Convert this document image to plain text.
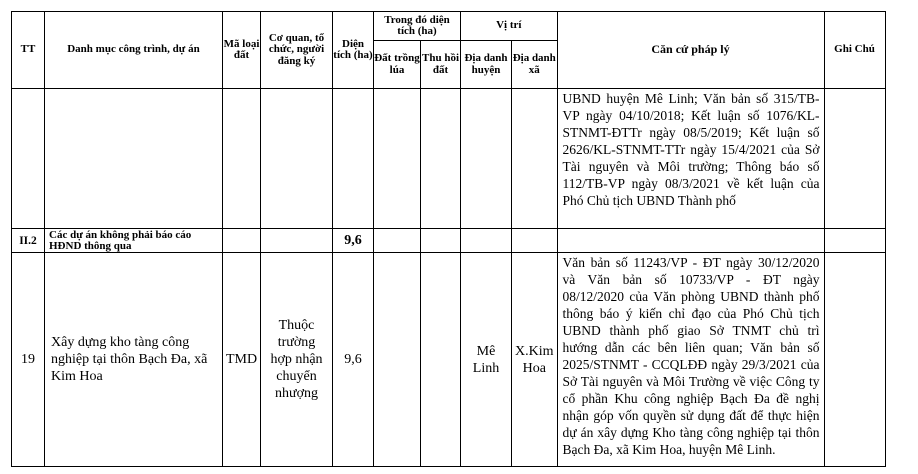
TT	Danh mục công trình, dự án	Mã loại đất	Cơ quan, tổ chức, người đăng ký	Diện tích (ha)	Trong đó diện tích (ha)		Vị trí		Căn cứ pháp lý	Ghi Chú
					Đất trồng lúa	Thu hồi đất	Địa danh huyện	Địa danh xã		
									UBND huyện Mê Linh; Văn bản số 315/TB-VP ngày 04/10/2018; Kết luận số 1076/KL-STNMT-ĐTTr ngày 08/5/2019; Kết luận số 2626/KL-STNMT-TTr ngày 15/4/2021 của Sở Tài nguyên và Môi trường; Thông báo số 112/TB-VP ngày 08/3/2021 về kết luận của Phó Chủ tịch UBND Thành phố	
II.2	Các dự án không phải báo cáo HĐND thông qua			9,6						
19	Xây dựng kho tàng công nghiệp tại thôn Bạch Đa, xã Kim Hoa	TMD	Thuộc trường hợp nhận chuyển nhượng	9,6			Mê Linh	X.Kim Hoa	Văn bản số 11243/VP - ĐT ngày 30/12/2020 và Văn bản số 10733/VP - ĐT ngày 08/12/2020 của Văn phòng UBND thành phố thông báo ý kiến chỉ đạo của Phó Chủ tịch UBND thành phố giao Sở TNMT chủ trì hướng dẫn các bên liên quan; Văn bản số 2025/STNMT - CCQLĐĐ ngày 29/3/2021 của Sở Tài nguyên và Môi Trường về việc Công ty cổ phần Khu công nghiệp Bạch Đa đề nghị nhận góp vốn quyền sử dụng đất để thực hiện dự án xây dựng Kho tàng công nghiệp tại thôn Bạch Đa, xã Kim Hoa, huyện Mê Linh.	
